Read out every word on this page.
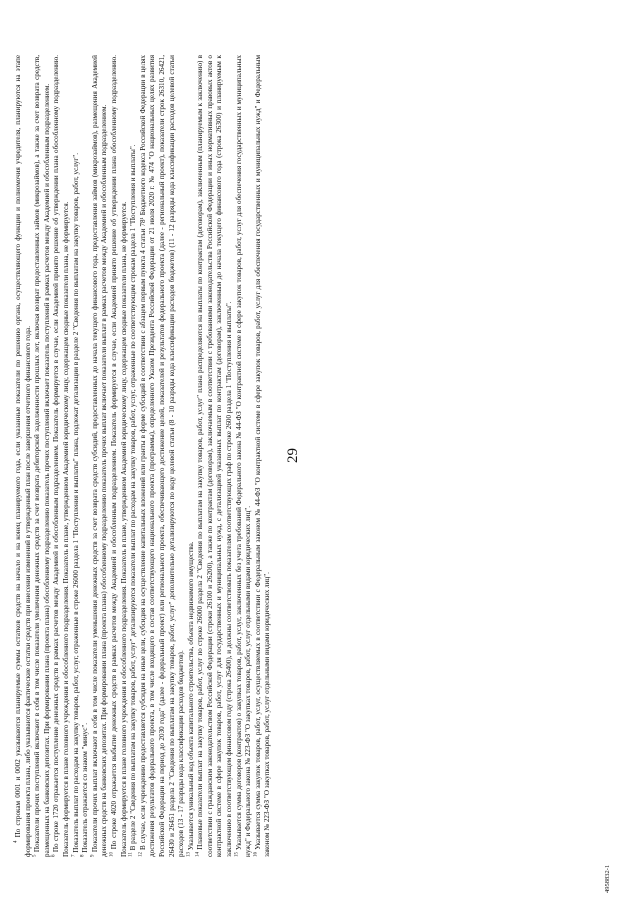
29
4958832-1

$^4$ По строкам 0001 и 0002 указываются планируемые суммы остатков средств на начало и на конец планируемого года, если указанные показатели по решению органа, осуществляющего функции и полномочия учредителя, планируются на этапе формирования проекта плана, либо указываются фактические остатки средств при внесении изменений в утвержденный план после завершения отчетного финансового года. $^5$ Показатели прочих поступлений включают в себя в том числе показатели увеличения денежных средств за счет возврата дебиторской задолженности прошлых лет, включая возврат предоставленных займов (микрозаймов), а также за счет возврата средств, размещенных на банковских депозитах. При формировании плана (проекта плана) обособленному подразделению показатель прочих поступлений включает показатель поступлений в рамках расчетов между Академией и обособленным подразделением. $^6$ По строке 1720 отражается поступление денежных средств в рамках расчетов между Академией и обособленным подразделением. Показатель формируется в случае, если Академией принято решение об утверждении плана обособленному подразделению. Показатель формируется в плане головного учреждения и обособленного подразделения. Показатель в плане, утвержденном Академией юридическому лицу, содержащем сводные показатели плана, не формируется. $^7$ Показатель выплат по расходам на закупку товаров, работ, услуг, отраженные в строке 26000 раздела 1 "Поступления и выплаты" плана, подлежат детализации в разделе 2 "Сведения по выплатам на закупку товаров, работ, услуг".

$^8$ Показатель отражается со знаком "минус".

$^9$ Показатели прочих выплат включают в себя в том числе показатели уменьшения денежных средств за счет возврата средств субсидий, предоставленных до начала текущего финансового года, предоставления займов (микрозаймов), размещения Академией денежных средств на банковских депозитах. При формировании плана (проекта плана) обособленному подразделению показатель прочих выплат включает показатели выплат в рамках расчетов между Академией и обособленным подразделением. $^{10}$ По строке 4020 отражается выбытие денежных средств в рамках расчетов между Академией и обособленным подразделением. Показатель формируется в случае, если Академией принято решение об утверждении плана обособленному подразделению. Показатель формируется в плане головного учреждения и обособленного подразделения. Показатель в плане, утвержденном Академией юридическому лицу, содержащем сводные показатели плана, не формируется. $^{11}$ В разделе 2 "Сведения по выплатам на закупку товаров, работ, услуг" детализируются показатели выплат по расходам на закупку товаров, работ, услуг, отраженные по соответствующим строкам раздела 1 "Поступления и выплаты".

$^{12}$ В случае, если учреждению предоставляется субсидия на иные цели, субсидия на осуществление капитальных вложений или гранты в форме субсидий в соответствии с абзацем первым пункта 4 статьи 78¹ Бюджетного кодекса Российской Федерации в целях достижения результатов федерального проекта, в том числе входящего в состав соответствующего национального проекта (программы), определенного Указом Президента Российской Федерации от 21 июля 2020 г. № 474 "О национальных целях развития Российской Федерации на период до 2030 года" (далее - федеральный проект) или регионального проекта, обеспечивающего достижение целей, показателей и результатов федерального проекта (далее - региональный проект), показатели строк 26310, 26421, 26430 и 26451 раздела 2 "Сведения по выплатам на закупку товаров, работ, услуг" дополнительно детализируются по коду целевой статьи (8 - 10 разряды кода классификации расходов бюджетов) (11 - 12 разряды кода классификации расходов целевой статьи расходов (13 - 17 разряды кода классификации расходов бюджетов). $^{13}$ Указывается уникальный код объекта капитального строительства, объекта недвижимого имущества.

$^{14}$ Плановые показатели выплат на закупку товаров, работ, услуг по строке 26000 раздела 2 "Сведения по выплатам на закупку товаров, работ, услуг" плана распределяются на выплаты по контрактам (договорам), заключенным (планируемым к заключению) в соответствии с гражданским законодательством Российской Федерации (строки 26100 и 26200), а также по контрактам (договорам), заключаемым в соответствии с требованиями законодательства Российской Федерации и иных нормативных правовых актов о контрактной системе в сфере закупок товаров, работ, услуг для государственных и муниципальных нужд, с детализацией указанных выплат по контрактам (договорам), заключенным до начала текущего финансового года (строка 26300) и планируемым к заключению в соответствующем финансовом году (строка 26400), и должны соответствовать показателям соответствующих граф по строке 2600 раздела 1 "Поступления и выплаты". $^{15}$ Указывается сумма договоров (контрактов) о закупках товаров, работ, услуг, заключенных без учета требований Федерального закона № 44-ФЗ "О контрактной системе в сфере закупок товаров, работ, услуг для обеспечения государственных и муниципальных нужд" и Федерального закона № 223-ФЗ "О закупках товаров, работ, услуг отдельными видами юридических лиц". $^{16}$ Указывается сумма закупок товаров, работ, услуг, осуществляемых в соответствии с Федеральным законом № 44-ФЗ "О контрактной системе в сфере закупок товаров, работ, услуг для обеспечения государственных и муниципальных нужд" и Федеральным законом № 223-ФЗ "О закупках товаров, работ, услуг отдельными видами юридических лиц".
